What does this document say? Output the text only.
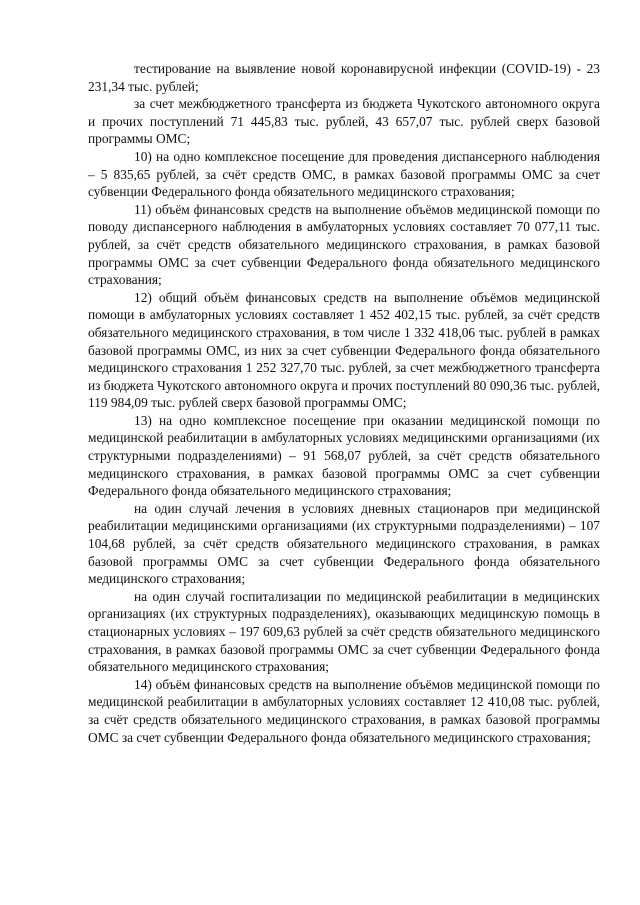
тестирование на выявление новой коронавирусной инфекции (COVID-19) - 23 231,34 тыс. рублей;

за счет межбюджетного трансферта из бюджета Чукотского автономного округа и прочих поступлений 71 445,83 тыс. рублей, 43 657,07 тыс. рублей сверх базовой программы ОМС;

10) на одно комплексное посещение для проведения диспансерного наблюдения – 5 835,65 рублей, за счёт средств ОМС, в рамках базовой программы ОМС за счет субвенции Федерального фонда обязательного медицинского страхования;

11) объём финансовых средств на выполнение объёмов медицинской помощи по поводу диспансерного наблюдения в амбулаторных условиях составляет 70 077,11 тыс. рублей, за счёт средств обязательного медицинского страхования, в рамках базовой программы ОМС за счет субвенции Федерального фонда обязательного медицинского страхования;

12) общий объём финансовых средств на выполнение объёмов медицинской помощи в амбулаторных условиях составляет 1 452 402,15 тыс. рублей, за счёт средств обязательного медицинского страхования, в том числе 1 332 418,06 тыс. рублей в рамках базовой программы ОМС, из них за счет субвенции Федерального фонда обязательного медицинского страхования 1 252 327,70 тыс. рублей, за счет межбюджетного трансферта из бюджета Чукотского автономного округа и прочих поступлений 80 090,36 тыс. рублей, 119 984,09 тыс. рублей сверх базовой программы ОМС;

13) на одно комплексное посещение при оказании медицинской помощи по медицинской реабилитации в амбулаторных условиях медицинскими организациями (их структурными подразделениями) – 91 568,07 рублей, за счёт средств обязательного медицинского страхования, в рамках базовой программы ОМС за счет субвенции Федерального фонда обязательного медицинского страхования;

на один случай лечения в условиях дневных стационаров при медицинской реабилитации медицинскими организациями (их структурными подразделениями) – 107 104,68 рублей, за счёт средств обязательного медицинского страхования, в рамках базовой программы ОМС за счет субвенции Федерального фонда обязательного медицинского страхования;

на один случай госпитализации по медицинской реабилитации в медицинских организациях (их структурных подразделениях), оказывающих медицинскую помощь в стационарных условиях – 197 609,63 рублей за счёт средств обязательного медицинского страхования, в рамках базовой программы ОМС за счет субвенции Федерального фонда обязательного медицинского страхования;

14) объём финансовых средств на выполнение объёмов медицинской помощи по медицинской реабилитации в амбулаторных условиях составляет 12 410,08 тыс. рублей, за счёт средств обязательного медицинского страхования, в рамках базовой программы ОМС за счет субвенции Федерального фонда обязательного медицинского страхования;
